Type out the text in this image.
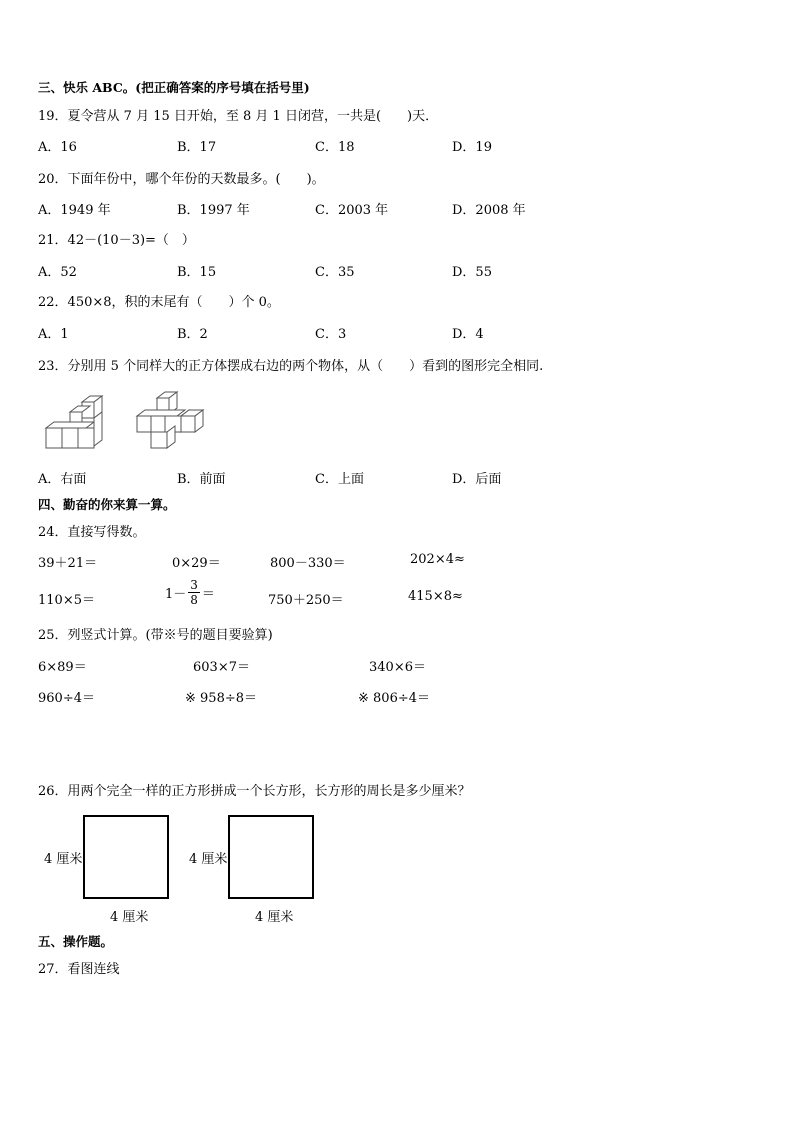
三、快乐 ABC。(把正确答案的序号填在括号里)
19．夏令营从 7 月 15 日开始，至 8 月 1 日闭营，一共是(　　)天．
A．16	B．17	C．18	D．19
20．下面年份中，哪个年份的天数最多。(　　)。
A．1949 年	B．1997 年	C．2003 年	D．2008 年
21．42－(10－3)=（　）
A．52	B．15	C．35	D．55
22．450×8，积的末尾有（　　）个 0。
A．1	B．2	C．3	D．4
23．分别用 5 个同样大的正方体摆成右边的两个物体，从（　　）看到的图形完全相同.
A．右面	B．前面	C．上面	D．后面
四、勤奋的你来算一算。
24．直接写得数。
39＋21＝	0×29＝	800－330＝	202×4≈
110×5＝	$1- \frac{3}{8}$ ＝	750＋250＝	415×8≈
25．列竖式计算。(带※号的题目要验算)
6×89＝	603×7＝	340×6＝
960÷4＝	※ 958÷8＝	※ 806÷4＝
26．用两个完全一样的正方形拼成一个长方形，长方形的周长是多少厘米？
4 厘米
4 厘米
4 厘米
4 厘米
五、操作题。
27．看图连线
